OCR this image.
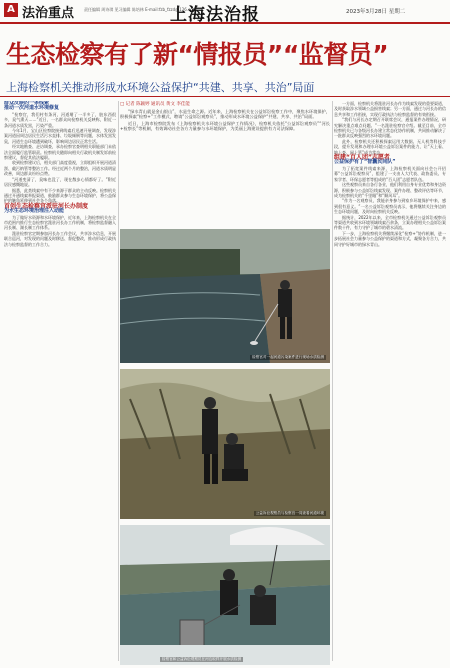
A 法治重点 责任编辑 周诗琪 见习编辑 陈培林 E-mail:fzb_fzzd@126.com
上海法治报	2023年3月28日 星期二
生态检察有了新“情报员”“监督员”
上海检察机关推动形成水环境公益保护“共建、共享、共治”局面

群众反映的一条线索

推动一次河道水环境修复

“检察官，我们村有条河，河道堵了一半多了，脏东西很多，臭气熏天……”近日，一名群众向检察机关反映称，附近一条河道水质发黑，污染严重。

今年1月，宝山区检察院接到线索后迅速开展调查，发现涉案河道因周边居民生活污水直排、垃圾倾倒等问题，水体发黑发臭，河道生态环境遭到破坏，影响周边居民正常生活。

经实地勘查、走访调查，承办检察官查明相关职能部门未依法全面履行监管职责。检察机关随即向相关行政机关制发诉前检察建议，督促其依法履职。

收到检察建议后，相关部门高度重视，立即组织开展河道清淤、截污纳管等整治工作。经过近两个月的整治，河道水质明显改善，周边群众纷纷点赞。

“河道变清了，臭味也没了，现在散步心情都好了。”附近居民感慨地说。

据悉，此类线索中有不少来源于群众的主动反映。检察机关通过开通线索举报渠道，鼓励群众参与生态环境保护，将公益保护的触角延伸到社会各个角落。

首创生态检察官派驻河长办制度

为水生态环境治理注入动能

为了做好水资源和水环境保护，近年来，上海检察机关在全市范围内推行生态检察官派驻河长办工作机制，将检察监督融入河长制、湖长制工作体系。

派驻检察官定期参加河长办工作会议，共享涉水信息，开展联合巡河，对发现的问题及时移送、督促整改，推动形成行政执法与检察监督的工作合力。

□ 记者 陈颖婷 通讯员 黄文 李佳能

“绿水青山就是金山银山”，水是生命之源。近年来，上海检察机关在公益诉讼检察工作中，聚焦水环境保护，积极探索“检察+”工作模式，聘请“公益诉讼观察员”，推动形成水环境公益保护“共建、共享、共治”局面。

近日，上海市检察院发布《上海检察机关水环境公益保护工作情况》，检察机关依托“公益诉讼观察员”“河长+检察长”等机制，有效调动社会各方力量参与水环境保护，为美丽上海建设提供有力司法保障。

检察官对一起河道污染案件进行现场水质检测
公益诉讼观察员与检察官一同查看河道环境
检察官和公益诉讼观察员在河边取样开展水质检测

一方面，检察机关将派驻河长办作为线索发现的重要渠道，及时获取涉水领域公益损害线索；另一方面，通过与河长办的信息共享和工作衔接，实现行政执法与检察监督的有效衔接。

“我们与河长办定期召开联席会议，通报案件办理情况，研究解决重点难点问题。”一名派驻检察官介绍。截至目前，全市检察机关已与各级河长办建立常态化协作机制，共同推动解决了一批群众反映强烈的水环境问题。

此外，检察机关还积极探索运用大数据、无人机等科技手段，提升发现和办理水环境公益诉讼案件的能力，让“天上看、地上查、网上管”成为常态。

组建“百人团”志愿者

公益保护有了“智囊民间队”

为了拓宽案件线索来源，上海检察机关面向社会公开招募“公益诉讼观察员”，组建了一支由人大代表、政协委员、专家学者、环保志愿者等组成的“百人团”志愿者队伍。

这些观察员来自各行各业，他们利用自身专业优势和身边资源，积极参与公益诉讼线索发现、案件办理、整改评估等环节，成为检察机关的“千里眼”和“顺风耳”。

“作为一名观察员，我能亲身参与到家乡环境保护中来，感到很有意义。”一名公益诉讼观察员表示，他将继续关注身边的生态环境问题，及时向检察机关反映。

据统计，2022年以来，全市检察机关通过公益诉讼观察员等渠道共收到水环境领域线索百余条，立案办理相关公益诉讼案件数十件，有力守护了城市的碧水清流。

下一步，上海检察机关将继续深化“检察+”协作机制，进一步拓展社会力量参与公益保护的渠道和方式，凝聚各方合力，共同守护好城市的绿水青山。
